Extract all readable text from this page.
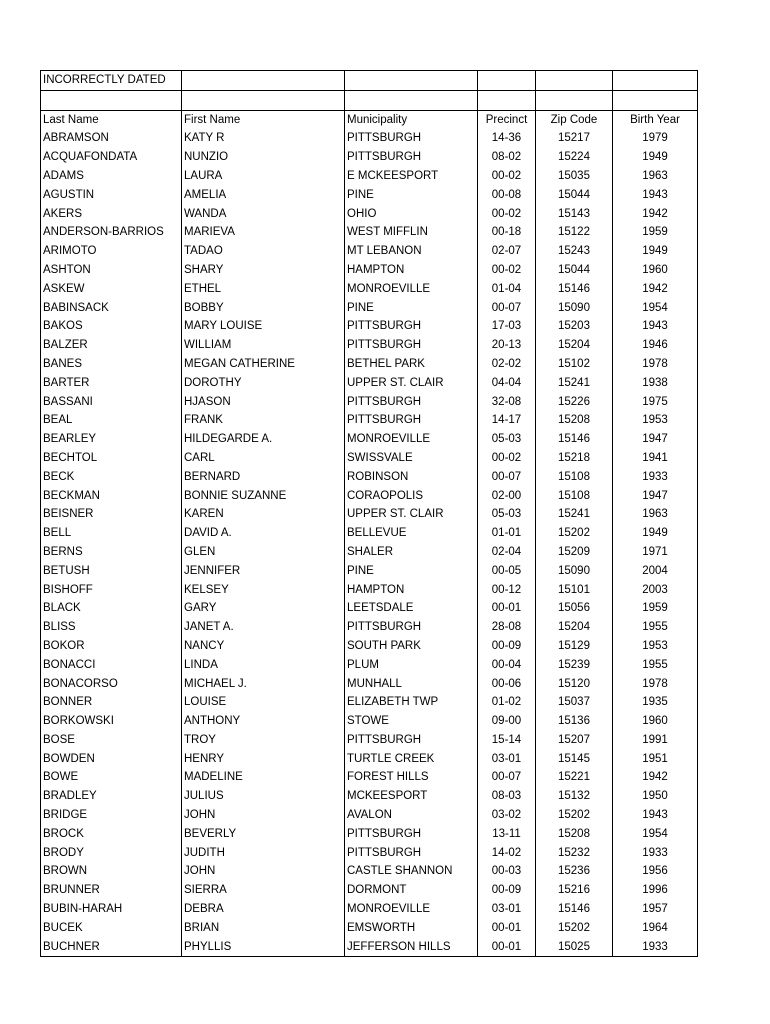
INCORRECTLY DATED					

Last Name	First Name	Municipality	Precinct	Zip Code	Birth Year
ABRAMSON	KATY R	PITTSBURGH	14-36	15217	1979
ACQUAFONDATA	NUNZIO	PITTSBURGH	08-02	15224	1949
ADAMS	LAURA	E MCKEESPORT	00-02	15035	1963
AGUSTIN	AMELIA	PINE	00-08	15044	1943
AKERS	WANDA	OHIO	00-02	15143	1942
ANDERSON-BARRIOS	MARIEVA	WEST MIFFLIN	00-18	15122	1959
ARIMOTO	TADAO	MT LEBANON	02-07	15243	1949
ASHTON	SHARY	HAMPTON	00-02	15044	1960
ASKEW	ETHEL	MONROEVILLE	01-04	15146	1942
BABINSACK	BOBBY	PINE	00-07	15090	1954
BAKOS	MARY LOUISE	PITTSBURGH	17-03	15203	1943
BALZER	WILLIAM	PITTSBURGH	20-13	15204	1946
BANES	MEGAN CATHERINE	BETHEL PARK	02-02	15102	1978
BARTER	DOROTHY	UPPER ST. CLAIR	04-04	15241	1938
BASSANI	HJASON	PITTSBURGH	32-08	15226	1975
BEAL	FRANK	PITTSBURGH	14-17	15208	1953
BEARLEY	HILDEGARDE A.	MONROEVILLE	05-03	15146	1947
BECHTOL	CARL	SWISSVALE	00-02	15218	1941
BECK	BERNARD	ROBINSON	00-07	15108	1933
BECKMAN	BONNIE SUZANNE	CORAOPOLIS	02-00	15108	1947
BEISNER	KAREN	UPPER ST. CLAIR	05-03	15241	1963
BELL	DAVID A.	BELLEVUE	01-01	15202	1949
BERNS	GLEN	SHALER	02-04	15209	1971
BETUSH	JENNIFER	PINE	00-05	15090	2004
BISHOFF	KELSEY	HAMPTON	00-12	15101	2003
BLACK	GARY	LEETSDALE	00-01	15056	1959
BLISS	JANET A.	PITTSBURGH	28-08	15204	1955
BOKOR	NANCY	SOUTH PARK	00-09	15129	1953
BONACCI	LINDA	PLUM	00-04	15239	1955
BONACORSO	MICHAEL J.	MUNHALL	00-06	15120	1978
BONNER	LOUISE	ELIZABETH TWP	01-02	15037	1935
BORKOWSKI	ANTHONY	STOWE	09-00	15136	1960
BOSE	TROY	PITTSBURGH	15-14	15207	1991
BOWDEN	HENRY	TURTLE CREEK	03-01	15145	1951
BOWE	MADELINE	FOREST HILLS	00-07	15221	1942
BRADLEY	JULIUS	MCKEESPORT	08-03	15132	1950
BRIDGE	JOHN	AVALON	03-02	15202	1943
BROCK	BEVERLY	PITTSBURGH	13-11	15208	1954
BRODY	JUDITH	PITTSBURGH	14-02	15232	1933
BROWN	JOHN	CASTLE SHANNON	00-03	15236	1956
BRUNNER	SIERRA	DORMONT	00-09	15216	1996
BUBIN-HARAH	DEBRA	MONROEVILLE	03-01	15146	1957
BUCEK	BRIAN	EMSWORTH	00-01	15202	1964
BUCHNER	PHYLLIS	JEFFERSON HILLS	00-01	15025	1933
